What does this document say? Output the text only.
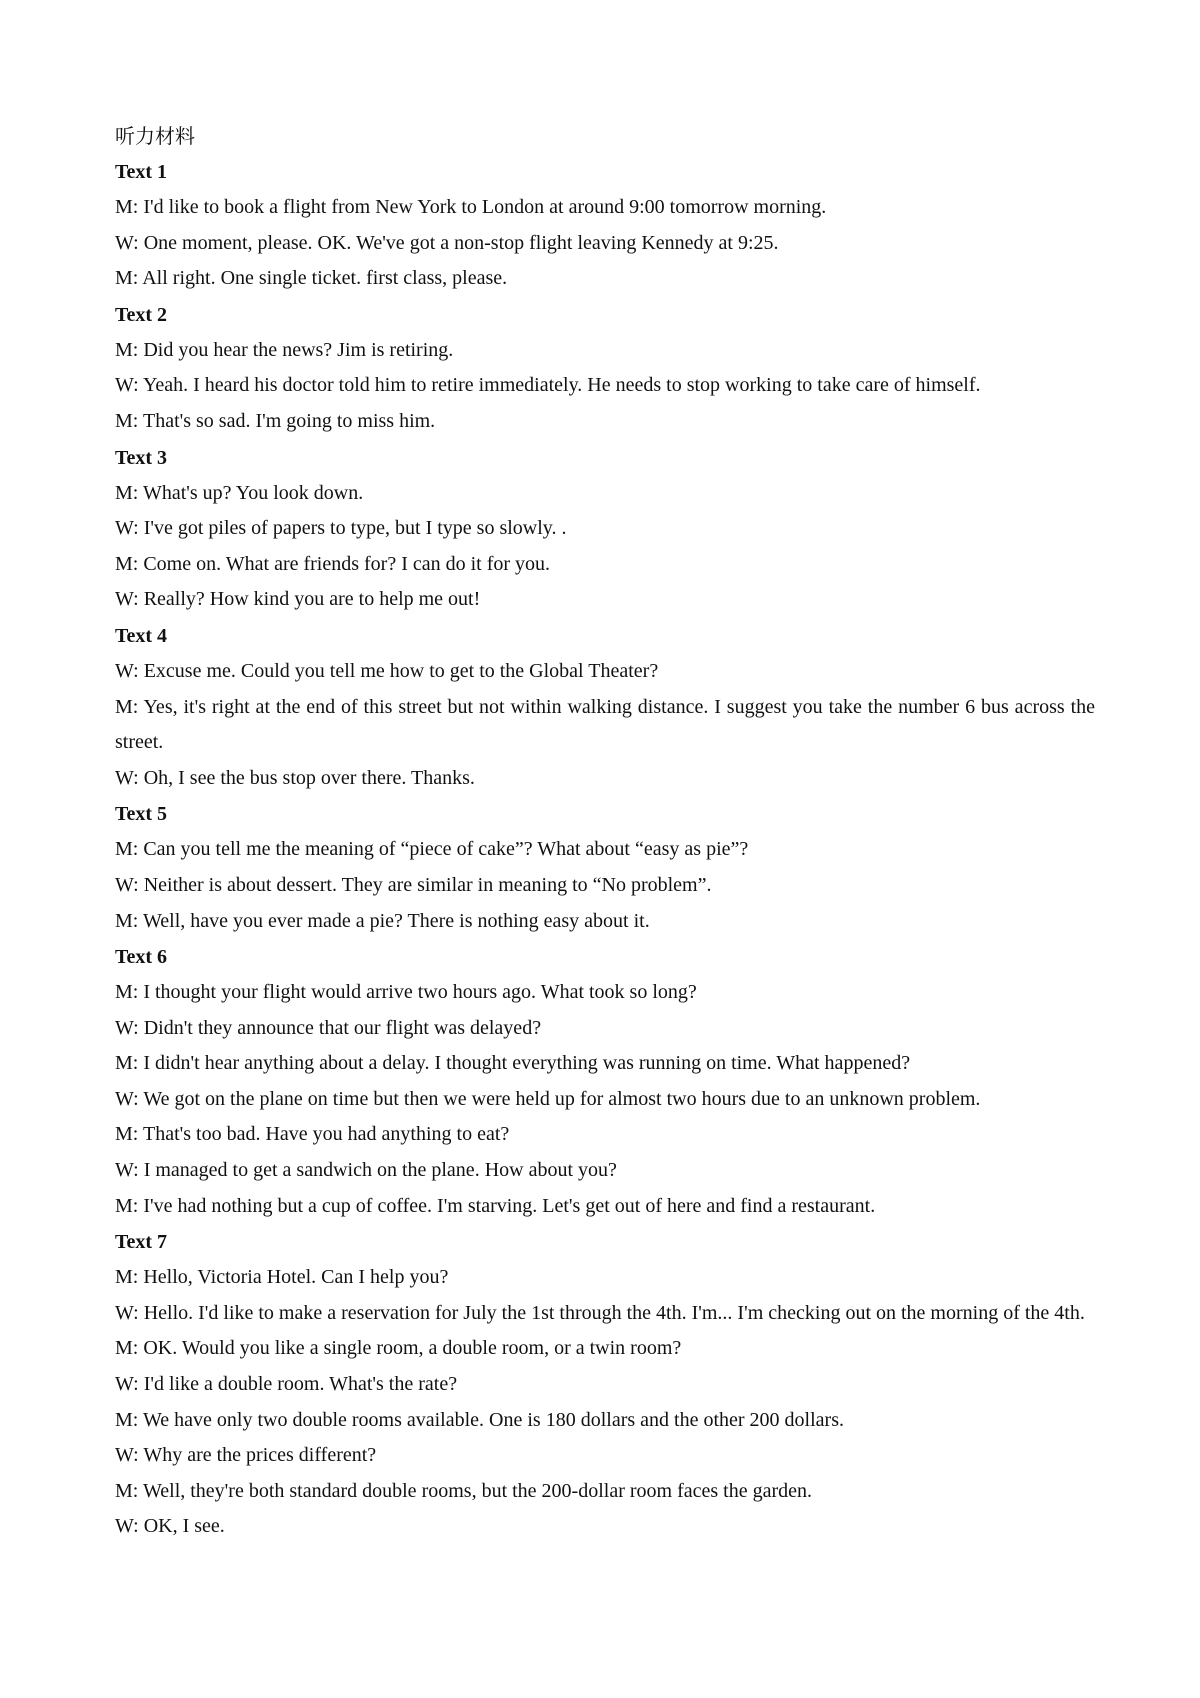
听力材料

Text 1

M: I'd like to book a flight from New York to London at around 9:00 tomorrow morning.

W: One moment, please. OK. We've got a non-stop flight leaving Kennedy at 9:25.

M: All right. One single ticket. first class, please.

Text 2

M: Did you hear the news? Jim is retiring.

W: Yeah. I heard his doctor told him to retire immediately. He needs to stop working to take care of himself.

M: That's so sad. I'm going to miss him.

Text 3

M: What's up? You look down.

W: I've got piles of papers to type, but I type so slowly. .

M: Come on. What are friends for? I can do it for you.

W: Really? How kind you are to help me out!

Text 4

W: Excuse me. Could you tell me how to get to the Global Theater?

M: Yes, it's right at the end of this street but not within walking distance. I suggest you take the number 6 bus across the street.

W: Oh, I see the bus stop over there. Thanks.

Text 5

M: Can you tell me the meaning of “piece of cake”? What about “easy as pie”?

W: Neither is about dessert. They are similar in meaning to “No problem”.

M: Well, have you ever made a pie? There is nothing easy about it.

Text 6

M: I thought your flight would arrive two hours ago. What took so long?

W: Didn't they announce that our flight was delayed?

M: I didn't hear anything about a delay. I thought everything was running on time. What happened?

W: We got on the plane on time but then we were held up for almost two hours due to an unknown problem.

M: That's too bad. Have you had anything to eat?

W: I managed to get a sandwich on the plane. How about you?

M: I've had nothing but a cup of coffee. I'm starving. Let's get out of here and find a restaurant.

Text 7

M: Hello, Victoria Hotel. Can I help you?

W: Hello. I'd like to make a reservation for July the 1st through the 4th. I'm... I'm checking out on the morning of the 4th.

M: OK. Would you like a single room, a double room, or a twin room?

W: I'd like a double room. What's the rate?

M: We have only two double rooms available. One is 180 dollars and the other 200 dollars.

W: Why are the prices different?

M: Well, they're both standard double rooms, but the 200-dollar room faces the garden.

W: OK, I see.
